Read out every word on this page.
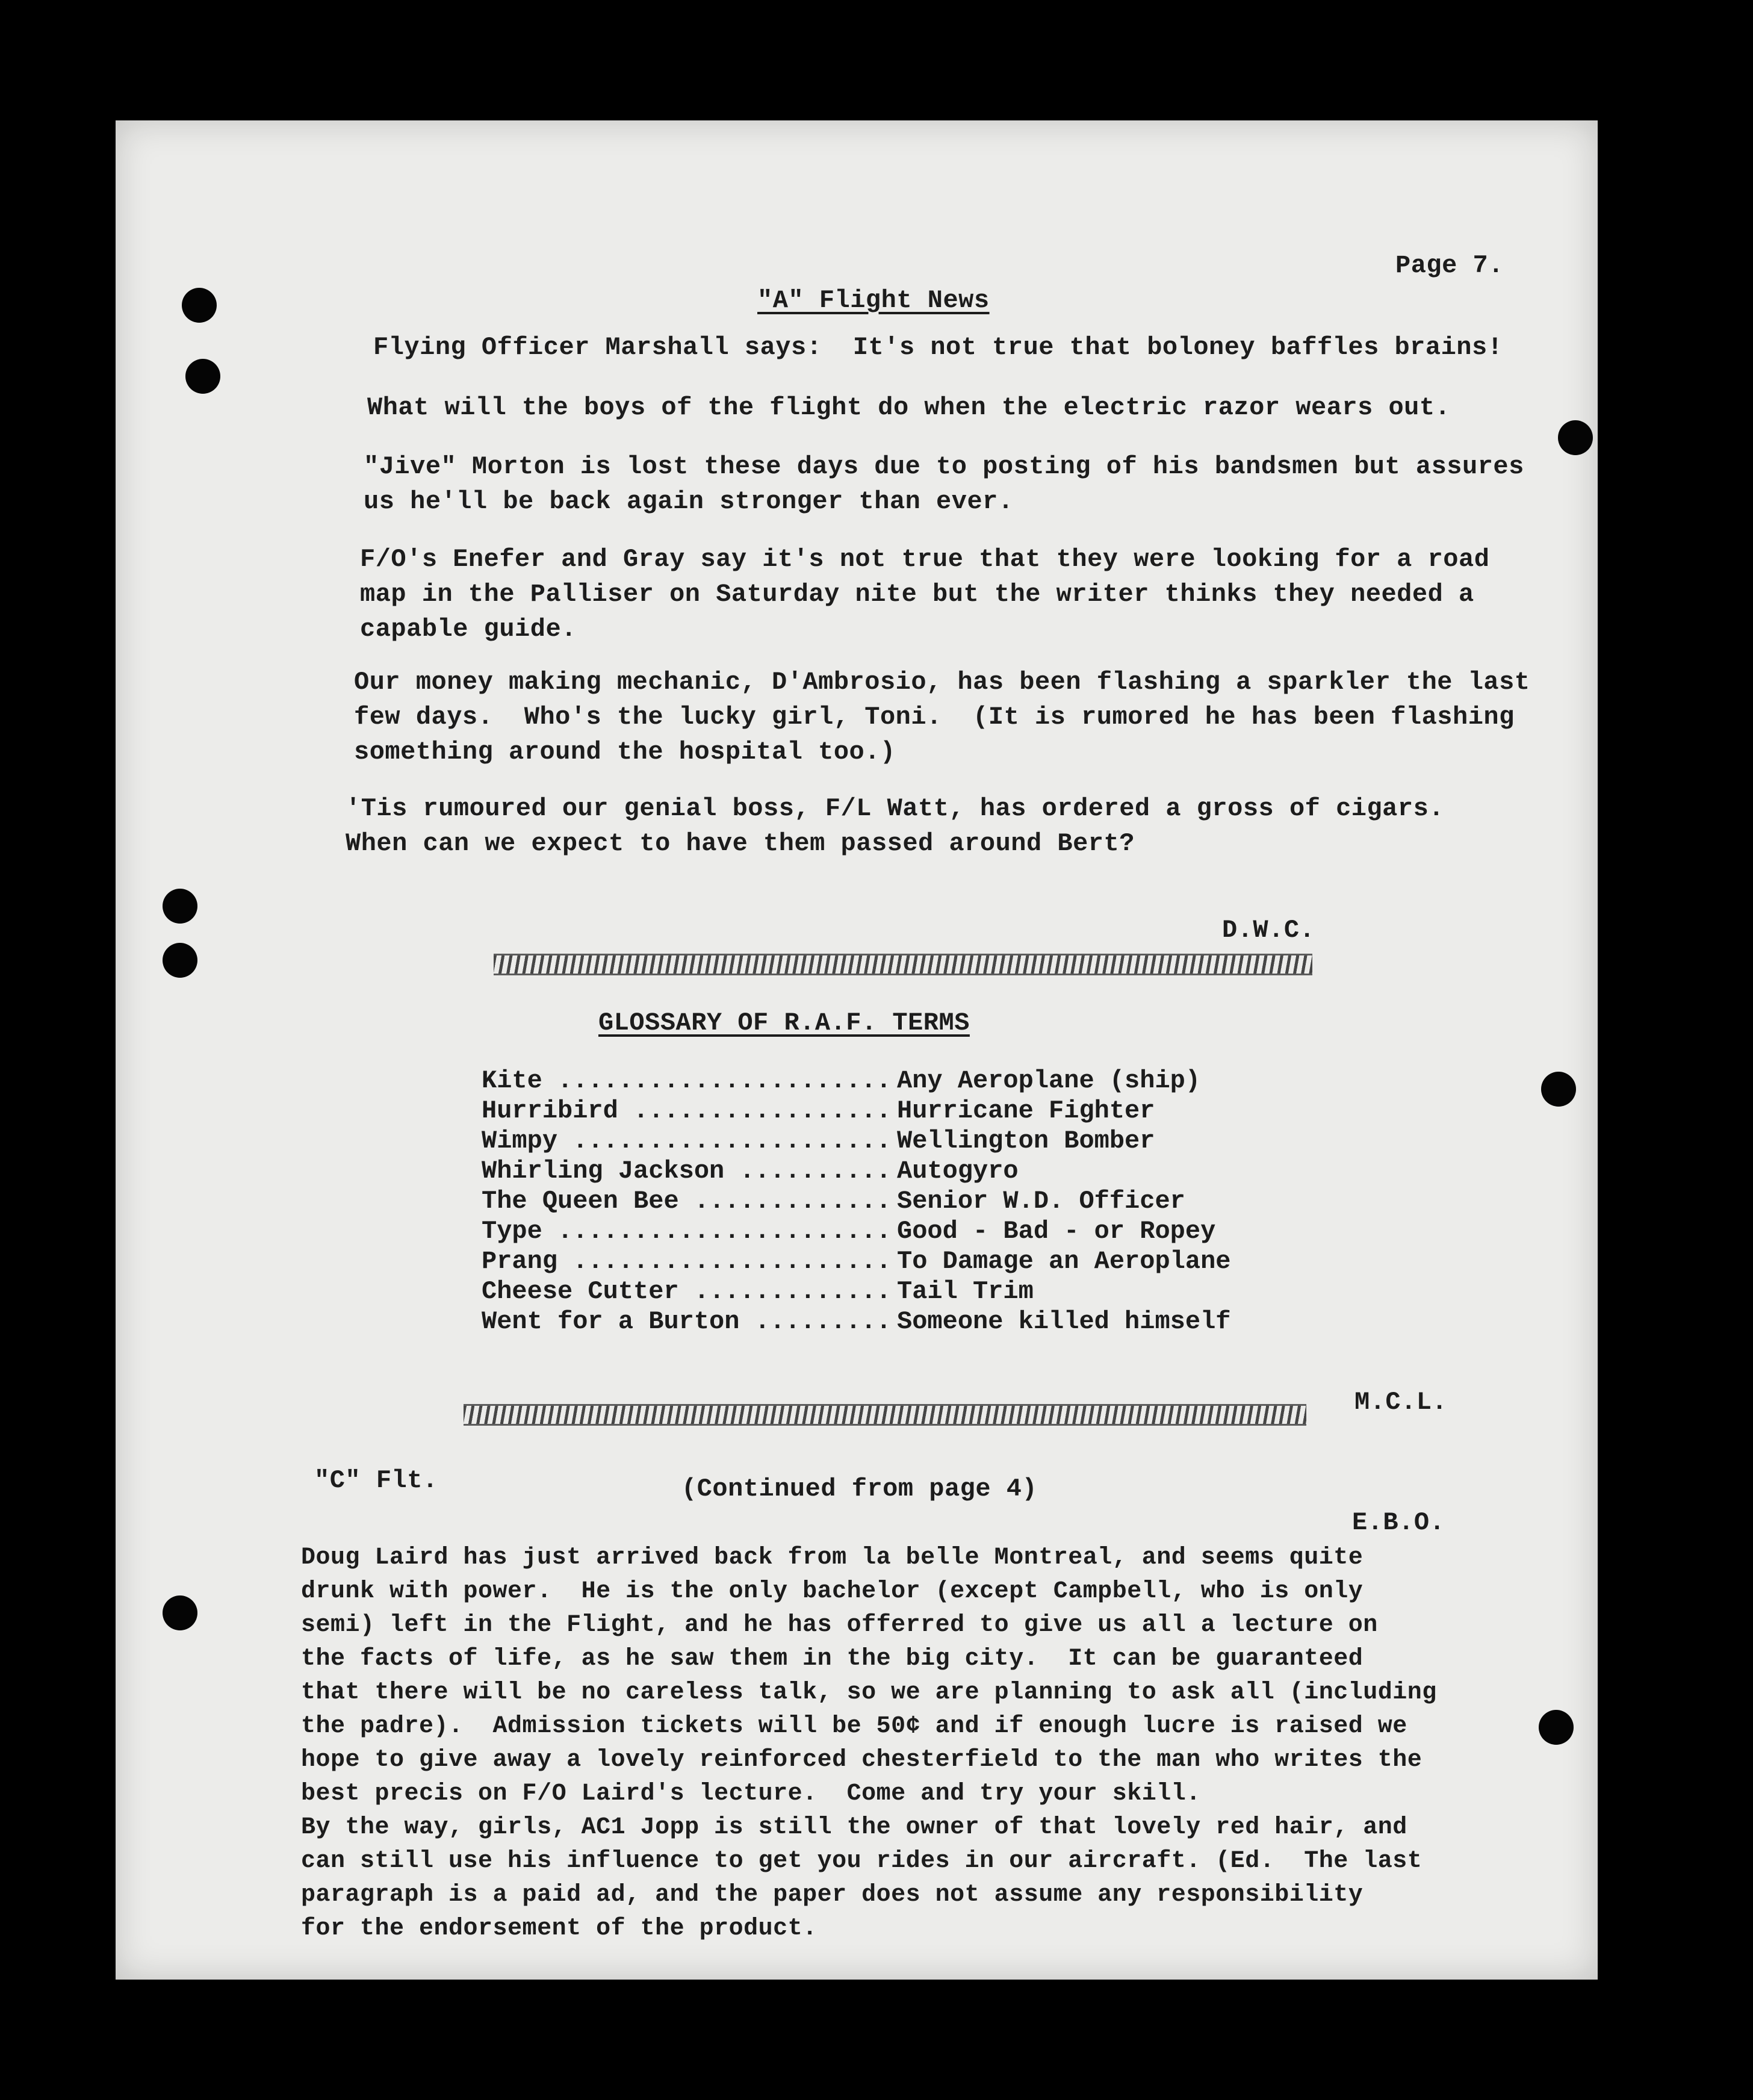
Page 7.
"A" Flight News
Flying Officer Marshall says:  It's not true that boloney baffles brains!
What will the boys of the flight do when the electric razor wears out.
"Jive" Morton is lost these days due to posting of his bandsmen but assures
us he'll be back again stronger than ever.
F/O's Enefer and Gray say it's not true that they were looking for a road
map in the Palliser on Saturday nite but the writer thinks they needed a
capable guide.
Our money making mechanic, D'Ambrosio, has been flashing a sparkler the last
few days.  Who's the lucky girl, Toni.  (It is rumored he has been flashing
something around the hospital too.)
'Tis rumoured our genial boss, F/L Watt, has ordered a gross of cigars.
When can we expect to have them passed around Bert?
D.W.C.
GLOSSARY OF R.A.F. TERMS
Kite .....	Any Aeroplane (ship)
Hurribird .....	Hurricane Fighter
Wimpy .....	Wellington Bomber
Whirling Jackson .....	Autogyro
The Queen Bee .....	Senior W.D. Officer
Type .....	Good - Bad - or Ropey
Prang .....	To Damage an Aeroplane
Cheese Cutter .....	Tail Trim
Went for a Burton .....	Someone killed himself
M.C.L.
"C" Flt.	(Continued from page 4)
E.B.O.
Doug Laird has just arrived back from la belle Montreal, and seems quite
drunk with power.  He is the only bachelor (except Campbell, who is only
semi) left in the Flight, and he has offerred to give us all a lecture on
the facts of life, as he saw them in the big city.  It can be guaranteed
that there will be no careless talk, so we are planning to ask all (including
the padre).  Admission tickets will be 50¢ and if enough lucre is raised we
hope to give away a lovely reinforced chesterfield to the man who writes the
best precis on F/O Laird's lecture.  Come and try your skill.
By the way, girls, AC1 Jopp is still the owner of that lovely red hair, and
can still use his influence to get you rides in our aircraft. (Ed.  The last
paragraph is a paid ad, and the paper does not assume any responsibility
for the endorsement of the product.
